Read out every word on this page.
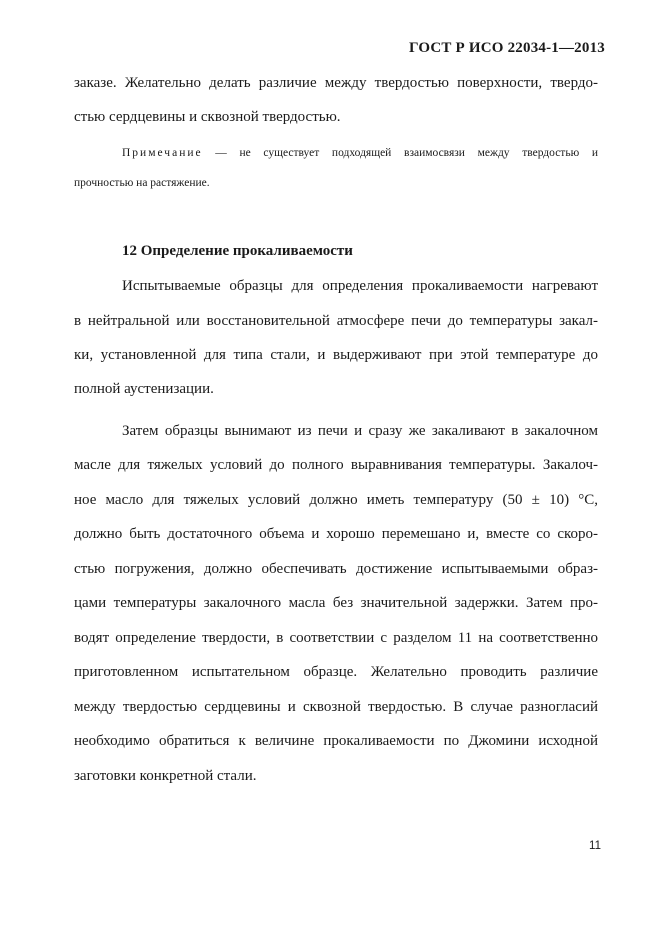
ГОСТ Р ИСО 22034-1—2013
заказе. Желательно делать различие между твердостью поверхности, твердо-
стью сердцевины и сквозной твердостью.
Примечание — не существует подходящей взаимосвязи между твердостью и
прочностью на растяжение.
12 Определение прокаливаемости
Испытываемые образцы для определения прокаливаемости нагревают
в нейтральной или восстановительной атмосфере печи до температуры закал-
ки, установленной для типа стали, и выдерживают при этой температуре до
полной аустенизации.
Затем образцы вынимают из печи и сразу же закаливают в закалочном
масле для тяжелых условий до полного выравнивания температуры. Закалоч-
ное масло для тяжелых условий должно иметь температуру (50 ± 10) °С,
должно быть достаточного объема и хорошо перемешано и, вместе со скоро-
стью погружения, должно обеспечивать достижение испытываемыми образ-
цами температуры закалочного масла без значительной задержки. Затем про-
водят определение твердости, в соответствии с разделом 11 на соответственно
приготовленном испытательном образце. Желательно проводить различие
между твердостью сердцевины и сквозной твердостью. В случае разногласий
необходимо обратиться к величине прокаливаемости по Джомини исходной
заготовки конкретной стали.
11
